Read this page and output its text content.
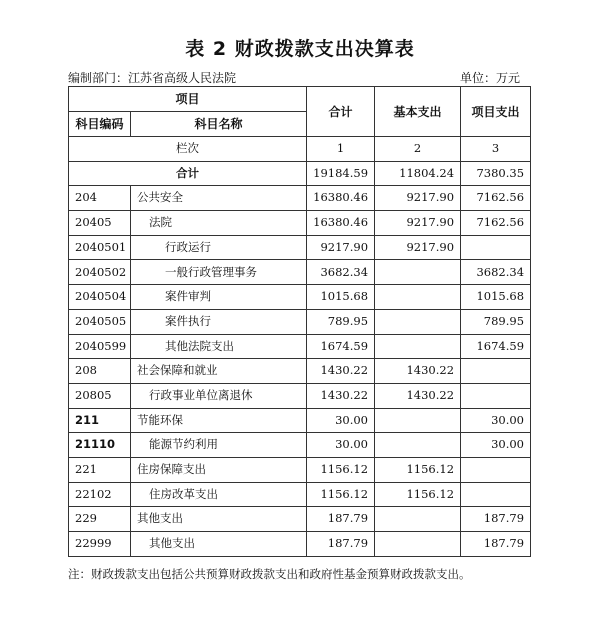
表 2 财政拨款支出决算表
编制部门：江苏省高级人民法院	单位：万元
项目		合计	基本支出	项目支出
科目编码	科目名称			
栏次		1	2	3
合计		19184.59	11804.24	7380.35
204	公共安全	16380.46	9217.90	7162.56
20405	法院	16380.46	9217.90	7162.56
2040501	行政运行	9217.90	9217.90	
2040502	一般行政管理事务	3682.34		3682.34
2040504	案件审判	1015.68		1015.68
2040505	案件执行	789.95		789.95
2040599	其他法院支出	1674.59		1674.59
208	社会保障和就业	1430.22	1430.22	
20805	行政事业单位离退休	1430.22	1430.22	
211	节能环保	30.00		30.00
21110	能源节约利用	30.00		30.00
221	住房保障支出	1156.12	1156.12	
22102	住房改革支出	1156.12	1156.12	
229	其他支出	187.79		187.79
22999	其他支出	187.79		187.79
注：财政拨款支出包括公共预算财政拨款支出和政府性基金预算财政拨款支出。
